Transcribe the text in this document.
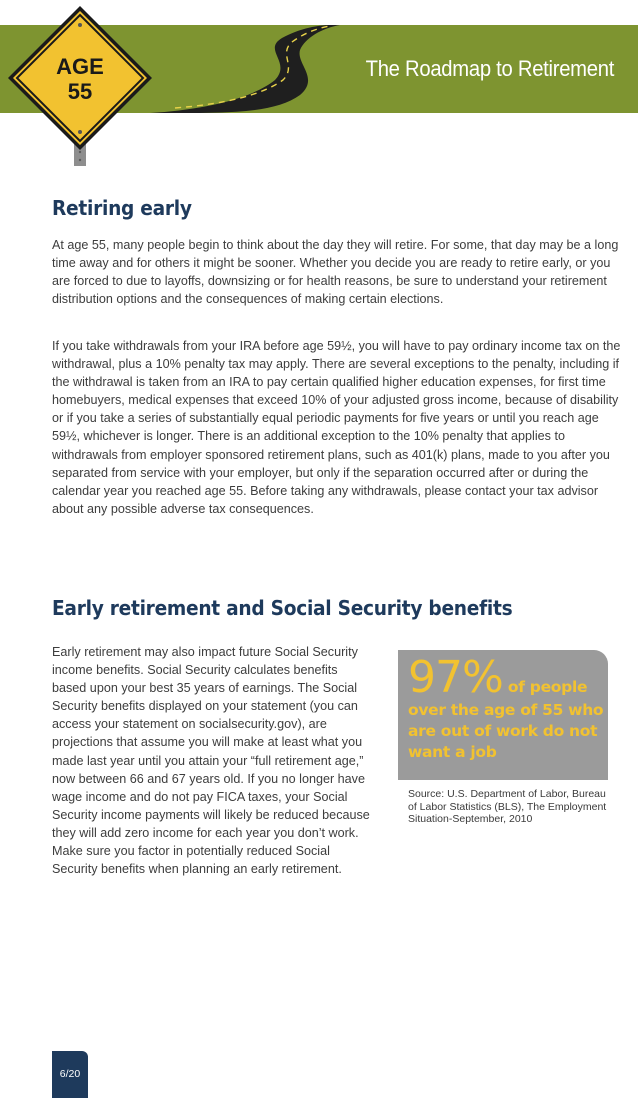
AGE
55
The Roadmap to Retirement
Retiring early

At age 55, many people begin to think about the day they will retire. For some, that day may be a long time away and for others it might be sooner. Whether you decide you are ready to retire early, or you are forced to due to layoffs, downsizing or for health reasons, be sure to understand your retirement distribution options and the consequences of making certain elections.

If you take withdrawals from your IRA before age 59½, you will have to pay ordinary income tax on the withdrawal, plus a 10% penalty tax may apply. There are several exceptions to the penalty, including if the withdrawal is taken from an IRA to pay certain qualified higher education expenses, for first time homebuyers, medical expenses that exceed 10% of your adjusted gross income, because of disability or if you take a series of substantially equal periodic payments for five years or until you reach age 59½, whichever is longer. There is an additional exception to the 10% penalty that applies to withdrawals from employer sponsored retirement plans, such as 401(k) plans, made to you after you separated from service with your employer, but only if the separation occurred after or during the calendar year you reached age 55. Before taking any withdrawals, please contact your tax advisor about any possible adverse tax consequences.

Early retirement and Social Security benefits

Early retirement may also impact future Social Security income benefits. Social Security calculates benefits based upon your best 35 years of earnings. The Social Security benefits displayed on your statement (you can access your statement on socialsecurity.gov), are projections that assume you will make at least what you made last year until you attain your “full retirement age,” now between 66 and 67 years old. If you no longer have wage income and do not pay FICA taxes, your Social Security income payments will likely be reduced because they will add zero income for each year you don’t work. Make sure you factor in potentially reduced Social Security benefits when planning an early retirement.

97% of people over the age of 55 who are out of work do not want a job
Source: U.S. Department of Labor, Bureau of Labor Statistics (BLS), The Employment Situation-September, 2010
6/20
